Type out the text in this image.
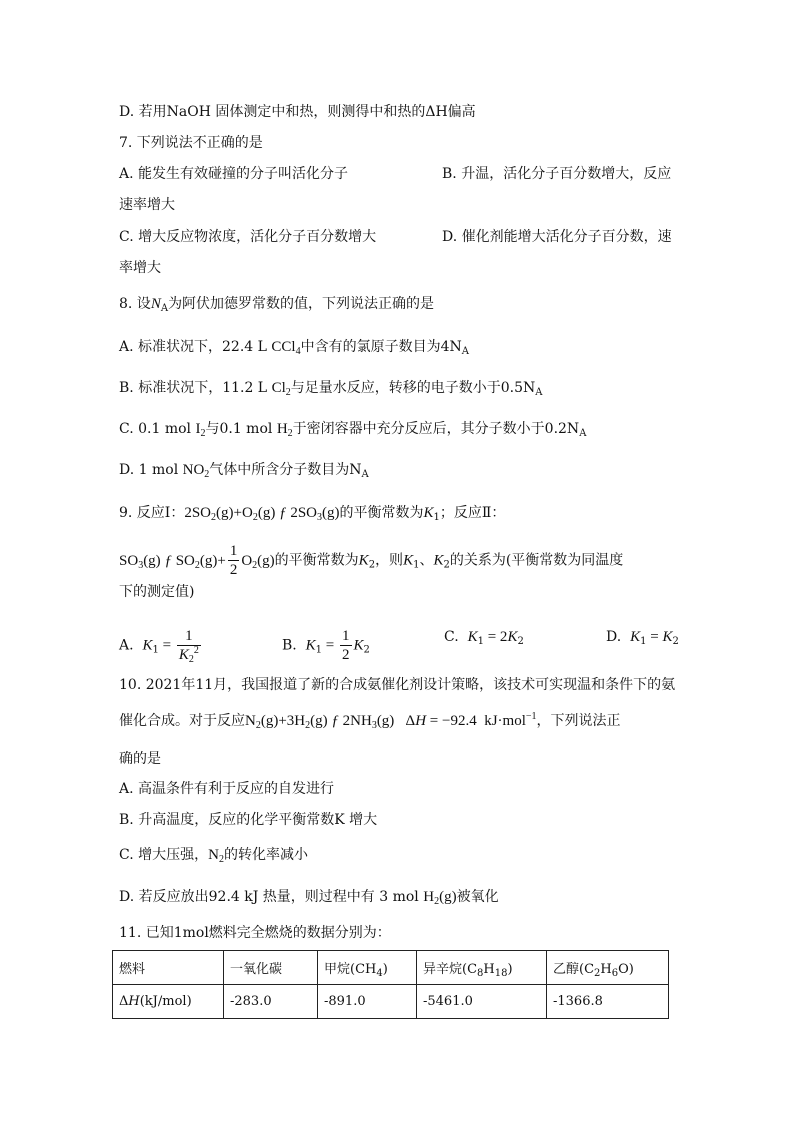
D. 若用NaOH 固体测定中和热，则测得中和热的ΔH偏高
7. 下列说法不正确的是
A. 能发生有效碰撞的分子叫活化分子	B. 升温，活化分子百分数增大，反应
速率增大
C. 增大反应物浓度，活化分子百分数增大	D. 催化剂能增大活化分子百分数，速
率增大
8. 设$N_A$为阿伏加德罗常数的值，下列说法正确的是
A. 标准状况下，22.4 L CCl$_4$中含有的氯原子数目为$4N_A$
B. 标准状况下，11.2 L $Cl_2$与足量水反应，转移的电子数小于$0.5N_A$
C. 0.1 mol $I_2$与0.1 mol $H_2$于密闭容器中充分反应后，其分子数小于$0.2N_A$
D. 1 mol $NO_2$气体中所含分子数目为$N_A$
9. 反应Ⅰ：$2SO_2(g)+O_2(g)$ ƒ $2SO_3(g)$的平衡常数为$K_1$；反应Ⅱ：
$SO_3(g)$ ƒ $SO_2(g)+ \frac{1}{2} O_2(g)$的平衡常数为$K_2$，则$K_1$、$K_2$的关系为(平衡常数为同温度
下的测定值)
A. $K_1 = \frac{1}{K_2^2}$	B. $K_1 = \frac{1}{2} K_2$
C. $K_1 = 2K_2$	D. $K_1 = K_2$
10. 2021年11月，我国报道了新的合成氨催化剂设计策略，该技术可实现温和条件下的氨
催化合成。对于反应$N_2(g)+3H_2(g)$ ƒ $2NH_3(g) \Delta H = -92.4$  kJ·mol$^{-1}$，下列说法正
确的是
A. 高温条件有利于反应的自发进行
B. 升高温度，反应的化学平衡常数K 增大
C. 增大压强，$N_2$的转化率减小
D. 若反应放出92.4 kJ 热量，则过程中有 3 mol $H_2(g)$被氧化
11. 已知1mol燃料完全燃烧的数据分别为：
燃料	一氧化碳	甲烷$(CH_4)$	异辛烷$(C_8H_{18})$	乙醇$(C_2H_6O)$
ΔH(kJ/mol)	-283.0	-891.0	-5461.0	-1366.8
